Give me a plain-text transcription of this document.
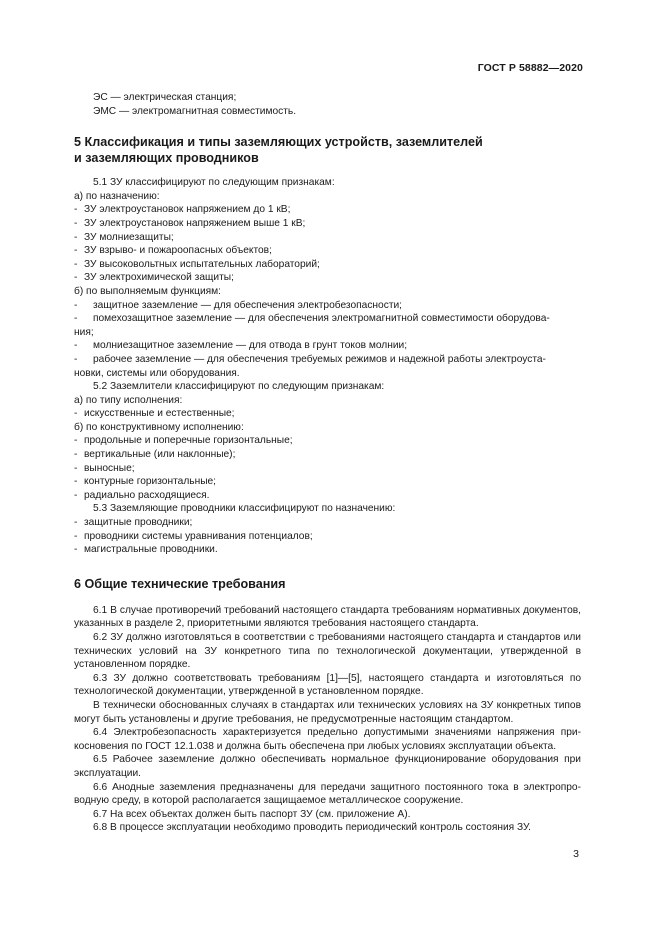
ГОСТ Р 58882—2020
ЭС — электрическая станция;
ЭМС — электромагнитная совместимость.
5 Классификация и типы заземляющих устройств, заземлителей
и заземляющих проводников
5.1 ЗУ классифицируют по следующим признакам:
а) по назначению:
- ЗУ электроустановок напряжением до 1 кВ;
- ЗУ электроустановок напряжением выше 1 кВ;
- ЗУ молниезащиты;
- ЗУ взрыво- и пожароопасных объектов;
- ЗУ высоковольтных испытательных лабораторий;
- ЗУ электрохимической защиты;
б) по выполняемым функциям:
- защитное заземление — для обеспечения электробезопасности;
- помехозащитное заземление — для обеспечения электромагнитной совместимости оборудова-
ния;
- молниезащитное заземление — для отвода в грунт токов молнии;
- рабочее заземление — для обеспечения требуемых режимов и надежной работы электроуста-
новки, системы или оборудования.
5.2 Заземлители классифицируют по следующим признакам:
а) по типу исполнения:
- искусственные и естественные;
б) по конструктивному исполнению:
- продольные и поперечные горизонтальные;
- вертикальные (или наклонные);
- выносные;
- контурные горизонтальные;
- радиально расходящиеся.
5.3 Заземляющие проводники классифицируют по назначению:
- защитные проводники;
- проводники системы уравнивания потенциалов;
- магистральные проводники.
6 Общие технические требования
6.1 В случае противоречий требований настоящего стандарта требованиям нормативных документов, указанных в разделе 2, приоритетными являются требования настоящего стандарта.
6.2 ЗУ должно изготовляться в соответствии с требованиями настоящего стандарта и стандартов или технических условий на ЗУ конкретного типа по технологической документации, утвержденной в установленном порядке.
6.3 ЗУ должно соответствовать требованиям [1]—[5], настоящего стандарта и изготовляться по технологической документации, утвержденной в установленном порядке.
В технически обоснованных случаях в стандартах или технических условиях на ЗУ конкретных типов могут быть установлены и другие требования, не предусмотренные настоящим стандартом.
6.4 Электробезопасность характеризуется предельно допустимыми значениями напряжения прикосновения по ГОСТ 12.1.038 и должна быть обеспечена при любых условиях эксплуатации объекта.
6.5 Рабочее заземление должно обеспечивать нормальное функционирование оборудования при эксплуатации.
6.6 Анодные заземления предназначены для передачи защитного постоянного тока в электропроводную среду, в которой располагается защищаемое металлическое сооружение.
6.7 На всех объектах должен быть паспорт ЗУ (см. приложение А).
6.8 В процессе эксплуатации необходимо проводить периодический контроль состояния ЗУ.
3
